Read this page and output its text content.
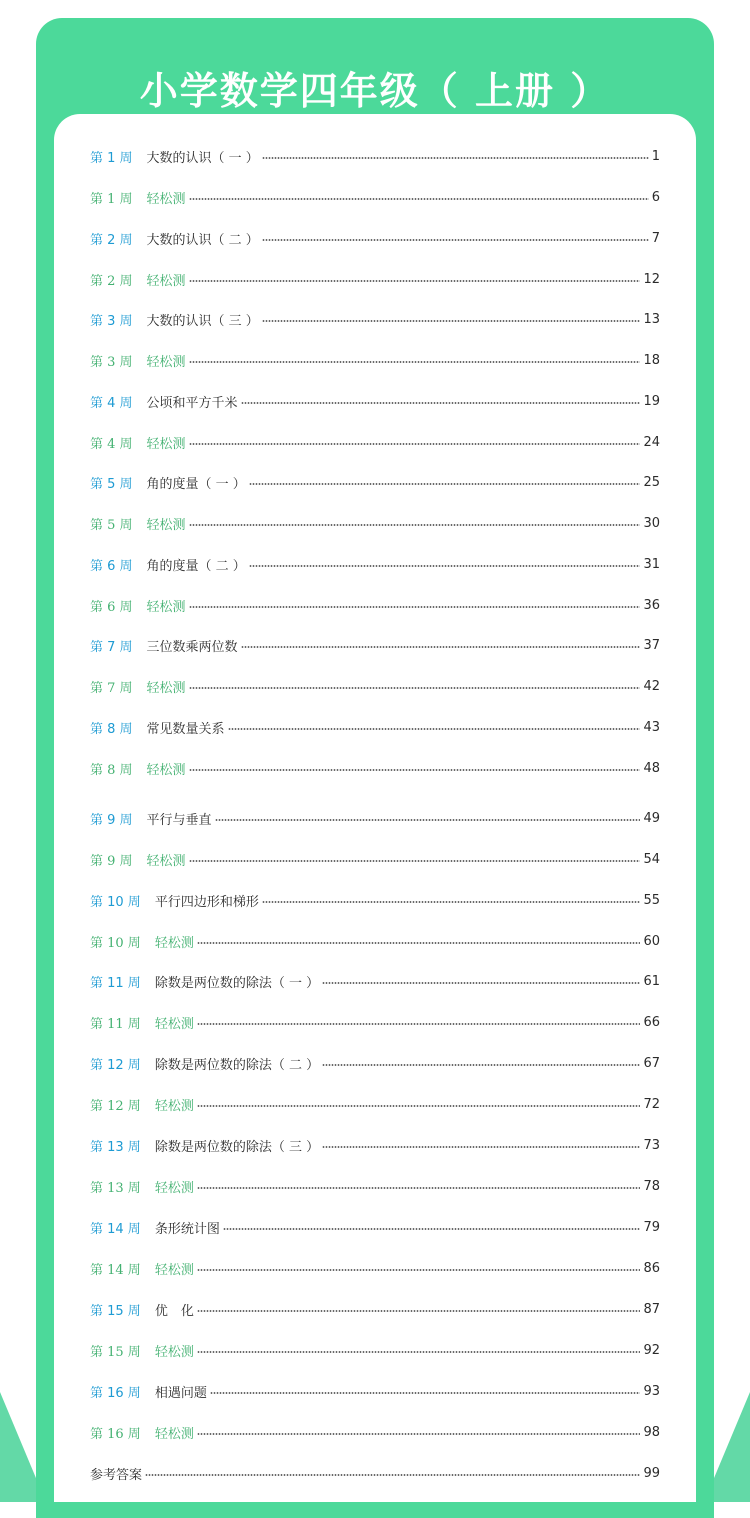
小学数学四年级（ 上册 ）
第 1 周 大数的认识（ 一 ）	1
第 1 周 轻松测	6
第 2 周 大数的认识（ 二 ）	7
第 2 周 轻松测	12
第 3 周 大数的认识（ 三 ）	13
第 3 周 轻松测	18
第 4 周 公顷和平方千米	19
第 4 周 轻松测	24
第 5 周 角的度量（ 一 ）	25
第 5 周 轻松测	30
第 6 周 角的度量（ 二 ）	31
第 6 周 轻松测	36
第 7 周 三位数乘两位数	37
第 7 周 轻松测	42
第 8 周 常见数量关系	43
第 8 周 轻松测	48
第 9 周 平行与垂直	49
第 9 周 轻松测	54
第 10 周 平行四边形和梯形	55
第 10 周 轻松测	60
第 11 周 除数是两位数的除法（ 一 ）	61
第 11 周 轻松测	66
第 12 周 除数是两位数的除法（ 二 ）	67
第 12 周 轻松测	72
第 13 周 除数是两位数的除法（ 三 ）	73
第 13 周 轻松测	78
第 14 周 条形统计图	79
第 14 周 轻松测	86
第 15 周 优　化	87
第 15 周 轻松测	92
第 16 周 相遇问题	93
第 16 周 轻松测	98
参考答案	99
